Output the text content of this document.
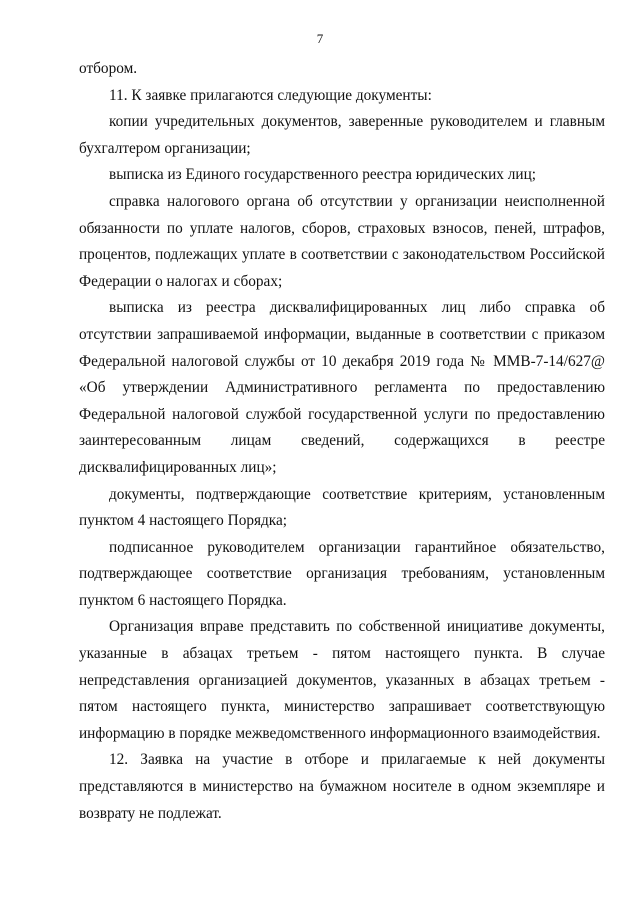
7

отбором.

11. К заявке прилагаются следующие документы:

копии учредительных документов, заверенные руководителем и главным бухгалтером организации;

выписка из Единого государственного реестра юридических лиц;

справка налогового органа об отсутствии у организации неисполненной обязанности по уплате налогов, сборов, страховых взносов, пеней, штрафов, процентов, подлежащих уплате в соответствии с законодательством Российской Федерации о налогах и сборах;

выписка из реестра дисквалифицированных лиц либо справка об отсутствии запрашиваемой информации, выданные в соответствии с приказом Федеральной налоговой службы от 10 декабря 2019 года № ММВ-7-14/627@ «Об утверждении Административного регламента по предоставлению Федеральной налоговой службой государственной услуги по предоставлению заинтересованным лицам сведений, содержащихся в реестре дисквалифицированных лиц»;

документы, подтверждающие соответствие критериям, установленным пунктом 4 настоящего Порядка;

подписанное руководителем организации гарантийное обязательство, подтверждающее соответствие организация требованиям, установленным пунктом 6 настоящего Порядка.

Организация вправе представить по собственной инициативе документы, указанные в абзацах третьем - пятом настоящего пункта. В случае непредставления организацией документов, указанных в абзацах третьем - пятом настоящего пункта, министерство запрашивает соответствующую информацию в порядке межведомственного информационного взаимодействия.

12. Заявка на участие в отборе и прилагаемые к ней документы представляются в министерство на бумажном носителе в одном экземпляре и возврату не подлежат.
